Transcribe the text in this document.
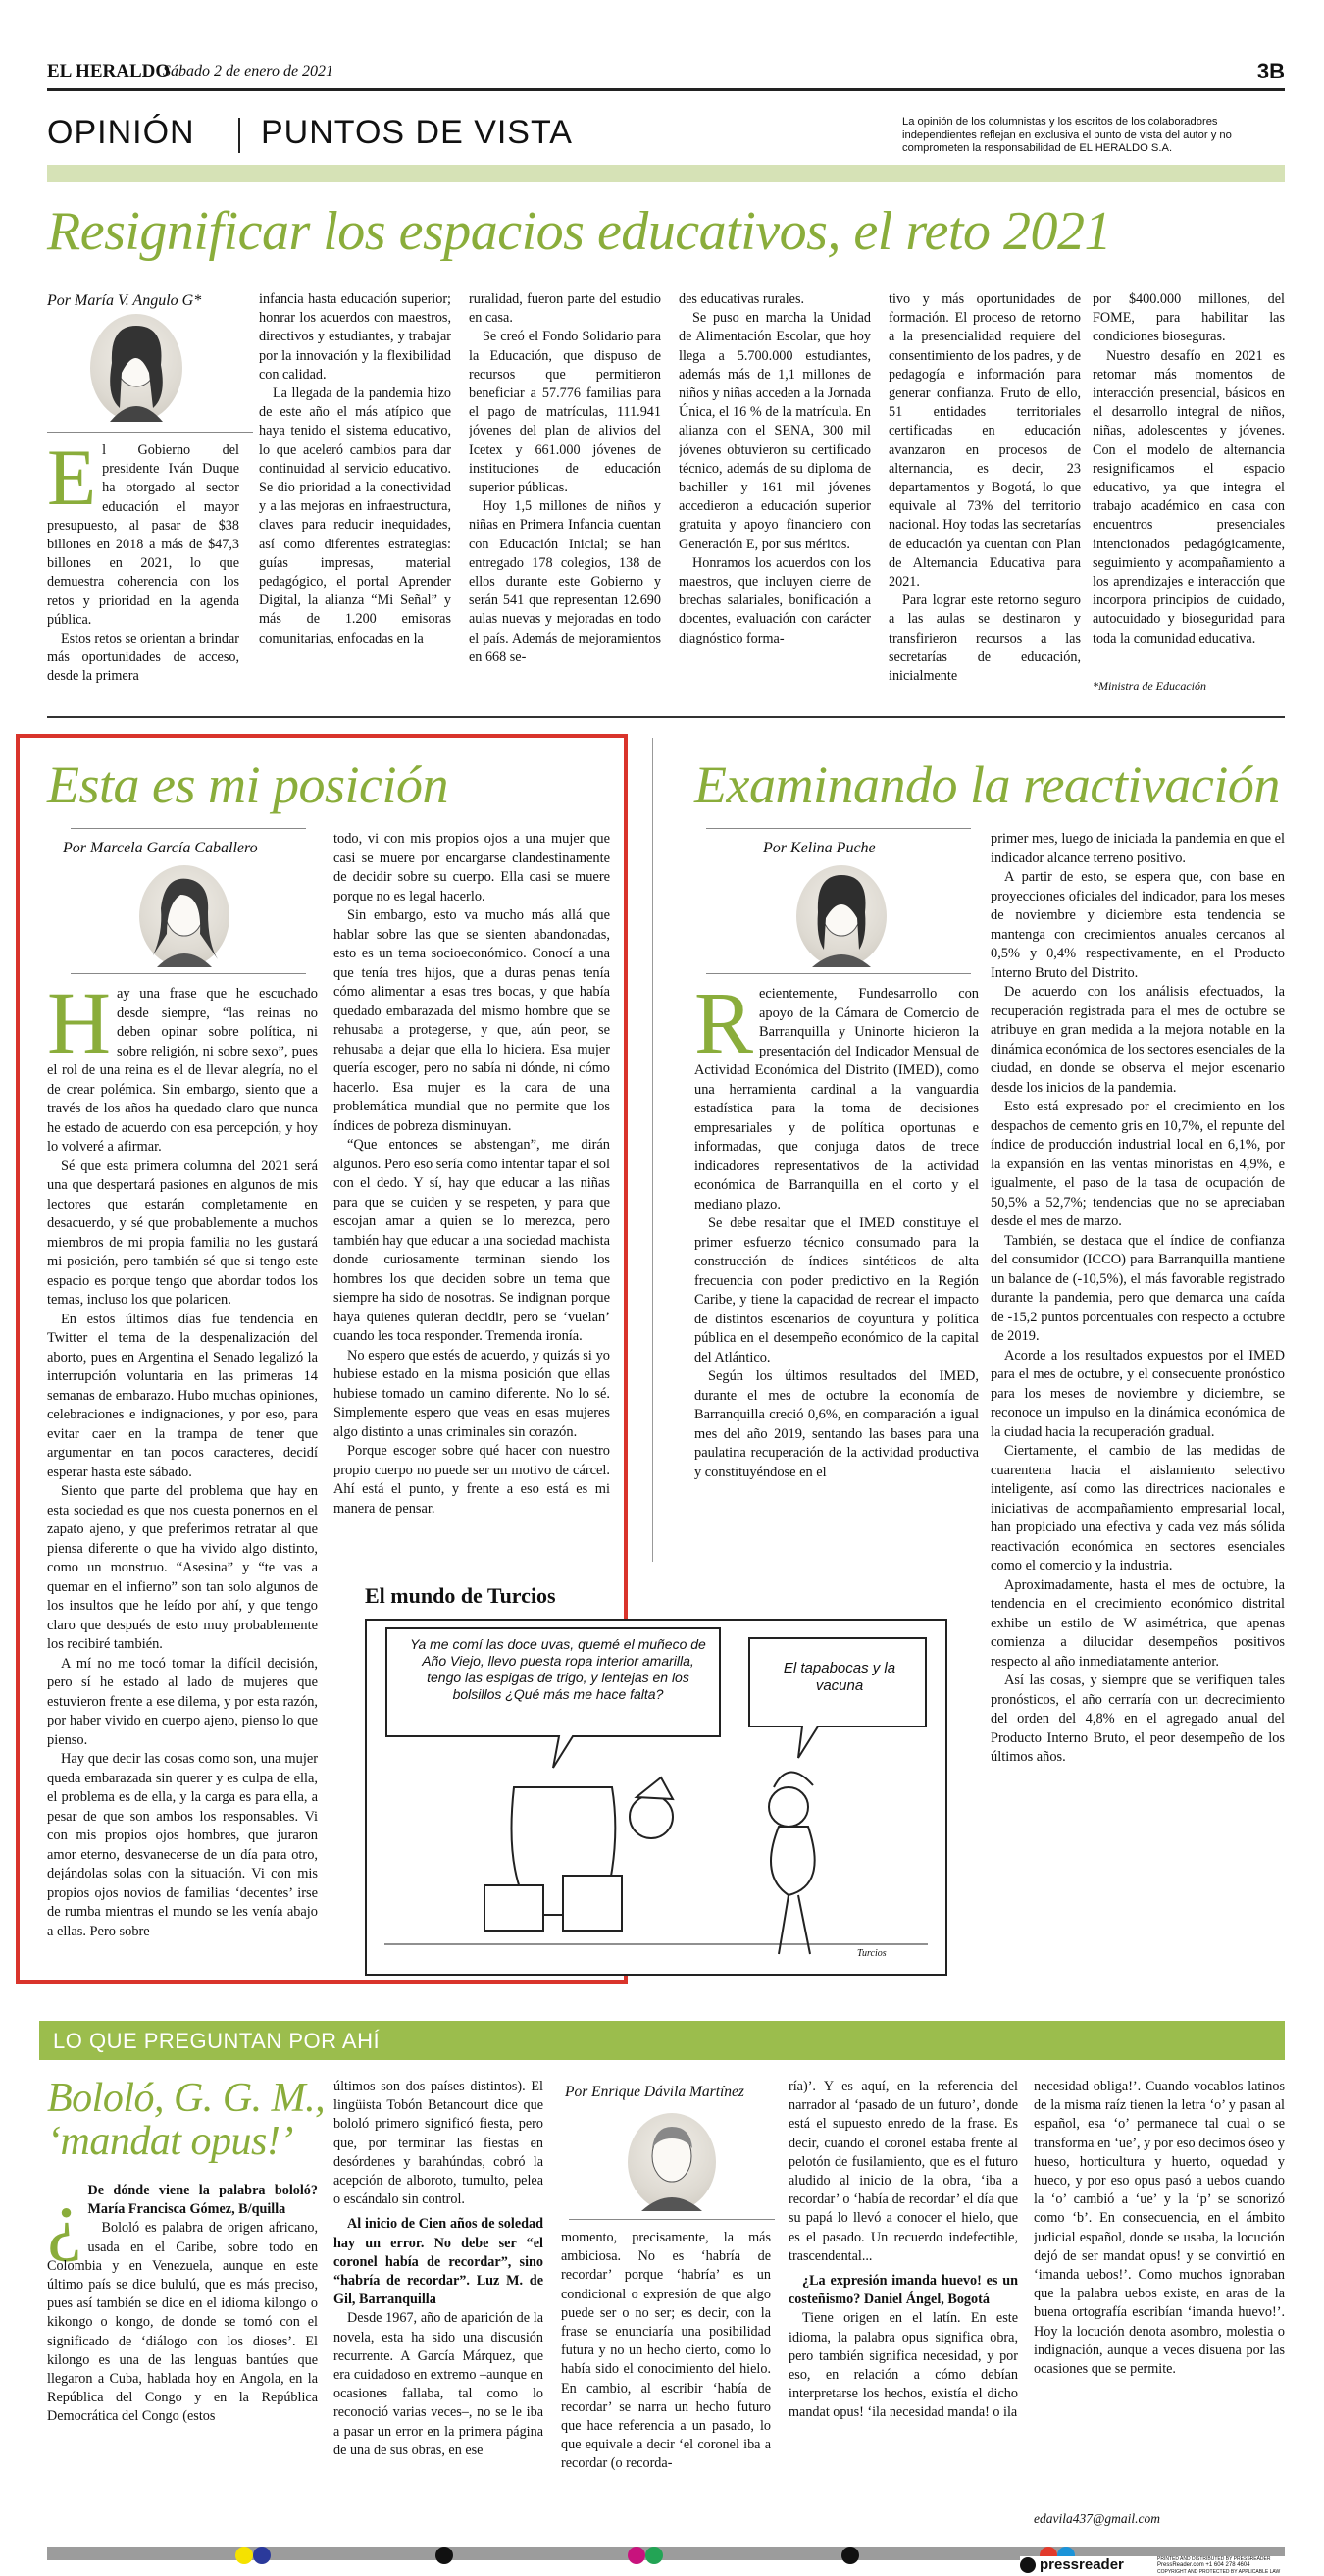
EL HERALDO
Sábado 2 de enero de 2021	3B
OPINIÓN PUNTOS DE VISTA	La opinión de los columnistas y los escritos de los colaboradores independientes reflejan en exclusiva el punto de vista del autor y no comprometen la responsabilidad de EL HERALDO S.A.
Resignificar los espacios educativos, el reto 2021
Por María V. Angulo G*
E l Gobierno del presidente Iván Duque ha otorgado al sector educación el mayor presupuesto, al pasar de $38 billones en 2018 a más de $47,3 billones en 2021, lo que demuestra coherencia con los retos y prioridad en la agenda pública.

Estos retos se orientan a brindar más oportunidades de acceso, desde la primera

infancia hasta educación superior; honrar los acuerdos con maestros, directivos y estudiantes, y trabajar por la innovación y la flexibilidad con calidad.

La llegada de la pandemia hizo de este año el más atípico que haya tenido el sistema educativo, lo que aceleró cambios para dar continuidad al servicio educativo. Se dio prioridad a la conectividad y a las mejoras en infraestructura, claves para reducir inequidades, así como diferentes estrategias: guías impresas, material pedagógico, el portal Aprender Digital, la alianza “Mi Señal” y más de 1.200 emisoras comunitarias, enfocadas en la

ruralidad, fueron parte del estudio en casa.

Se creó el Fondo Solidario para la Educación, que dispuso de recursos que permitieron beneficiar a 57.776 familias para el pago de matrículas, 111.941 jóvenes del plan de alivios del Icetex y 661.000 jóvenes de instituciones de educación superior públicas.

Hoy 1,5 millones de niños y niñas en Primera Infancia cuentan con Educación Inicial; se han entregado 178 colegios, 138 de ellos durante este Gobierno y serán 541 que representan 12.690 aulas nuevas y mejoradas en todo el país. Además de mejoramientos en 668 se-

des educativas rurales.

Se puso en marcha la Unidad de Alimentación Escolar, que hoy llega a 5.700.000 estudiantes, además más de 1,1 millones de niños y niñas acceden a la Jornada Única, el 16 % de la matrícula. En alianza con el SENA, 300 mil jóvenes obtuvieron su certificado técnico, además de su diploma de bachiller y 161 mil jóvenes accedieron a educación superior gratuita y apoyo financiero con Generación E, por sus méritos.

Honramos los acuerdos con los maestros, que incluyen cierre de brechas salariales, bonificación a docentes, evaluación con carácter diagnóstico forma-

tivo y más oportunidades de formación. El proceso de retorno a la presencialidad requiere del consentimiento de los padres, y de pedagogía e información para generar confianza. Fruto de ello, 51 entidades territoriales certificadas en educación avanzaron en procesos de alternancia, es decir, 23 departamentos y Bogotá, lo que equivale al 73% del territorio nacional. Hoy todas las secretarías de educación ya cuentan con Plan de Alternancia Educativa para 2021.

Para lograr este retorno seguro a las aulas se destinaron y transfirieron recursos a las secretarías de educación, inicialmente

por $400.000 millones, del FOME, para habilitar las condiciones bioseguras.

Nuestro desafío en 2021 es retomar más momentos de interacción presencial, básicos en el desarrollo integral de niños, niñas, adolescentes y jóvenes. Con el modelo de alternancia resignificamos el espacio educativo, ya que integra el trabajo académico en casa con encuentros presenciales intencionados pedagógicamente, seguimiento y acompañamiento a los aprendizajes e interacción que incorpora principios de cuidado, autocuidado y bioseguridad para toda la comunidad educativa.

*Ministra de Educación
Esta es mi posición
Por Marcela García Caballero
H ay una frase que he escuchado desde siempre, “las reinas no deben opinar sobre política, ni sobre religión, ni sobre sexo”, pues el rol de una reina es el de llevar alegría, no el de crear polémica. Sin embargo, siento que a través de los años ha quedado claro que nunca he estado de acuerdo con esa percepción, y hoy lo volveré a afirmar.

Sé que esta primera columna del 2021 será una que despertará pasiones en algunos de mis lectores que estarán completamente en desacuerdo, y sé que probablemente a muchos miembros de mi propia familia no les gustará mi posición, pero también sé que si tengo este espacio es porque tengo que abordar todos los temas, incluso los que polaricen.

En estos últimos días fue tendencia en Twitter el tema de la despenalización del aborto, pues en Argentina el Senado legalizó la interrupción voluntaria en las primeras 14 semanas de embarazo. Hubo muchas opiniones, celebraciones e indignaciones, y por eso, para evitar caer en la trampa de tener que argumentar en tan pocos caracteres, decidí esperar hasta este sábado.

Siento que parte del problema que hay en esta sociedad es que nos cuesta ponernos en el zapato ajeno, y que preferimos retratar al que piensa diferente o que ha vivido algo distinto, como un monstruo. “Asesina” y “te vas a quemar en el infierno” son tan solo algunos de los insultos que he leído por ahí, y que tengo claro que después de esto muy probablemente los recibiré también.

A mí no me tocó tomar la difícil decisión, pero sí he estado al lado de mujeres que estuvieron frente a ese dilema, y por esta razón, por haber vivido en cuerpo ajeno, pienso lo que pienso.

Hay que decir las cosas como son, una mujer queda embarazada sin querer y es culpa de ella, el problema es de ella, y la carga es para ella, a pesar de que son ambos los responsables. Vi con mis propios ojos hombres, que juraron amor eterno, desvanecerse de un día para otro, dejándolas solas con la situación. Vi con mis propios ojos novios de familias ‘decentes’ irse de rumba mientras el mundo se les venía abajo a ellas. Pero sobre

todo, vi con mis propios ojos a una mujer que casi se muere por encargarse clandestinamente de decidir sobre su cuerpo. Ella casi se muere porque no es legal hacerlo.

Sin embargo, esto va mucho más allá que hablar sobre las que se sienten abandonadas, esto es un tema socioeconómico. Conocí a una que tenía tres hijos, que a duras penas tenía cómo alimentar a esas tres bocas, y que había quedado embarazada del mismo hombre que se rehusaba a protegerse, y que, aún peor, se rehusaba a dejar que ella lo hiciera. Esa mujer quería escoger, pero no sabía ni dónde, ni cómo hacerlo. Esa mujer es la cara de una problemática mundial que no permite que los índices de pobreza disminuyan.

“Que entonces se abstengan”, me dirán algunos. Pero eso sería como intentar tapar el sol con el dedo. Y sí, hay que educar a las niñas para que se cuiden y se respeten, y para que escojan amar a quien se lo merezca, pero también hay que educar a una sociedad machista donde curiosamente terminan siendo los hombres los que deciden sobre un tema que siempre ha sido de nosotras. Se indignan porque haya quienes quieran decidir, pero se ‘vuelan’ cuando les toca responder. Tremenda ironía.

No espero que estés de acuerdo, y quizás si yo hubiese estado en la misma posición que ellas hubiese tomado un camino diferente. No lo sé. Simplemente espero que veas en esas mujeres algo distinto a unas criminales sin corazón.

Porque escoger sobre qué hacer con nuestro propio cuerpo no puede ser un motivo de cárcel. Ahí está el punto, y frente a eso está es mi manera de pensar.

El mundo de Turcios
Ya me comí las doce uvas, quemé el muñeco de Año Viejo, llevo puesta ropa interior amarilla, tengo las espigas de trigo, y lentejas en los bolsillos ¿Qué más me hace falta?
El tapabocas y la vacuna
Turcios
Examinando la reactivación
Por Kelina Puche
R ecientemente, Fundesarrollo con apoyo de la Cámara de Comercio de Barranquilla y Uninorte hicieron la presentación del Indicador Mensual de Actividad Económica del Distrito (IMED), como una herramienta cardinal a la vanguardia estadística para la toma de decisiones empresariales y de política oportunas e informadas, que conjuga datos de trece indicadores representativos de la actividad económica de Barranquilla en el corto y el mediano plazo.

Se debe resaltar que el IMED constituye el primer esfuerzo técnico consumado para la construcción de índices sintéticos de alta frecuencia con poder predictivo en la Región Caribe, y tiene la capacidad de recrear el impacto de distintos escenarios de coyuntura y política pública en el desempeño económico de la capital del Atlántico.

Según los últimos resultados del IMED, durante el mes de octubre la economía de Barranquilla creció 0,6%, en comparación a igual mes del año 2019, sentando las bases para una paulatina recuperación de la actividad productiva y constituyéndose en el

primer mes, luego de iniciada la pandemia en que el indicador alcance terreno positivo.

A partir de esto, se espera que, con base en proyecciones oficiales del indicador, para los meses de noviembre y diciembre esta tendencia se mantenga con crecimientos anuales cercanos al 0,5% y 0,4% respectivamente, en el Producto Interno Bruto del Distrito.

De acuerdo con los análisis efectuados, la recuperación registrada para el mes de octubre se atribuye en gran medida a la mejora notable en la dinámica económica de los sectores esenciales de la ciudad, en donde se observa el mejor escenario desde los inicios de la pandemia.

Esto está expresado por el crecimiento en los despachos de cemento gris en 10,7%, el repunte del índice de producción industrial local en 6,1%, por la expansión en las ventas minoristas en 4,9%, e igualmente, el paso de la tasa de ocupación de 50,5% a 52,7%; tendencias que no se apreciaban desde el mes de marzo.

También, se destaca que el índice de confianza del consumidor (ICCO) para Barranquilla mantiene un balance de (-10,5%), el más favorable registrado durante la pandemia, pero que demarca una caída de -15,2 puntos porcentuales con respecto a octubre de 2019.

Acorde a los resultados expuestos por el IMED para el mes de octubre, y el consecuente pronóstico para los meses de noviembre y diciembre, se reconoce un impulso en la dinámica económica de la ciudad hacia la recuperación gradual.

Ciertamente, el cambio de las medidas de cuarentena hacia el aislamiento selectivo inteligente, así como las directrices nacionales e iniciativas de acompañamiento empresarial local, han propiciado una efectiva y cada vez más sólida reactivación económica en sectores esenciales como el comercio y la industria.

Aproximadamente, hasta el mes de octubre, la tendencia en el crecimiento económico distrital exhibe un estilo de W asimétrica, que apenas comienza a dilucidar desempeños positivos respecto al año inmediatamente anterior.

Así las cosas, y siempre que se verifiquen tales pronósticos, el año cerraría con un decrecimiento del orden del 4,8% en el agregado anual del Producto Interno Bruto, el peor desempeño de los últimos años.

LO QUE PREGUNTAN POR AHÍ
Bololó, G. G. M.,
‘mandat opus!’
¿ De dónde viene la palabra bololó? María Francisca Gómez, B/quilla

Bololó es palabra de origen africano, usada en el Caribe, sobre todo en Colombia y en Venezuela, aunque en este último país se dice bululú, que es más preciso, pues así también se dice en el idioma kilongo o kikongo o kongo, de donde se tomó con el significado de ‘diálogo con los dioses’. El kilongo es una de las lenguas bantúes que llegaron a Cuba, hablada hoy en Angola, en la República del Congo y en la República Democrática del Congo (estos

últimos son dos países distintos). El lingüista Tobón Betancourt dice que bololó primero significó fiesta, pero que, por terminar las fiestas en desórdenes y barahúndas, cobró la acepción de alboroto, tumulto, pelea o escándalo sin control.

Al inicio de Cien años de soledad hay un error. No debe ser “el coronel había de recordar”, sino “habría de recordar”. Luz M. de Gil, Barranquilla

Desde 1967, año de aparición de la novela, esta ha sido una discusión recurrente. A García Márquez, que era cuidadoso en extremo –aunque en ocasiones fallaba, tal como lo reconoció varias veces–, no se le iba a pasar un error en la primera página de una de sus obras, en ese

Por Enrique Dávila Martínez

momento, precisamente, la más ambiciosa. No es ‘habría de recordar’ porque ‘habría’ es un condicional o expresión de que algo puede ser o no ser; es decir, con la frase se enunciaría una posibilidad futura y no un hecho cierto, como lo había sido el conocimiento del hielo. En cambio, al escribir ‘había de recordar’ se narra un hecho futuro que hace referencia a un pasado, lo que equivale a decir ‘el coronel iba a recordar (o recorda-

ría)’. Y es aquí, en la referencia del narrador al ‘pasado de un futuro’, donde está el supuesto enredo de la frase. Es decir, cuando el coronel estaba frente al pelotón de fusilamiento, que es el futuro aludido al inicio de la obra, ‘iba a recordar’ o ‘había de recordar’ el día que su papá lo llevó a conocer el hielo, que es el pasado. Un recuerdo indefectible, trascendental...

¿La expresión imanda huevo! es un costeñismo? Daniel Ángel, Bogotá

Tiene origen en el latín. En este idioma, la palabra opus significa obra, pero también significa necesidad, y por eso, en relación a cómo debían interpretarse los hechos, existía el dicho mandat opus! ‘ila necesidad manda! o ila

necesidad obliga!’. Cuando vocablos latinos de la misma raíz tienen la letra ‘o’ y pasan al español, esa ‘o’ permanece tal cual o se transforma en ‘ue’, y por eso decimos óseo y hueso, horticultura y huerto, oquedad y hueco, y por eso opus pasó a uebos cuando la ‘o’ cambió a ‘ue’ y la ‘p’ se sonorizó como ‘b’. En consecuencia, en el ámbito judicial español, donde se usaba, la locución dejó de ser mandat opus! y se convirtió en ‘imanda uebos!’. Como muchos ignoraban que la palabra uebos existe, en aras de la buena ortografía escribían ‘imanda huevo!’. Hoy la locución denota asombro, molestia o indignación, aunque a veces disuena por las ocasiones que se permite.

edavila437@gmail.com
pressreader	PRINTED AND DISTRIBUTED BY PRESSREADER
PressReader.com +1 604 278 4604
COPYRIGHT AND PROTECTED BY APPLICABLE LAW
